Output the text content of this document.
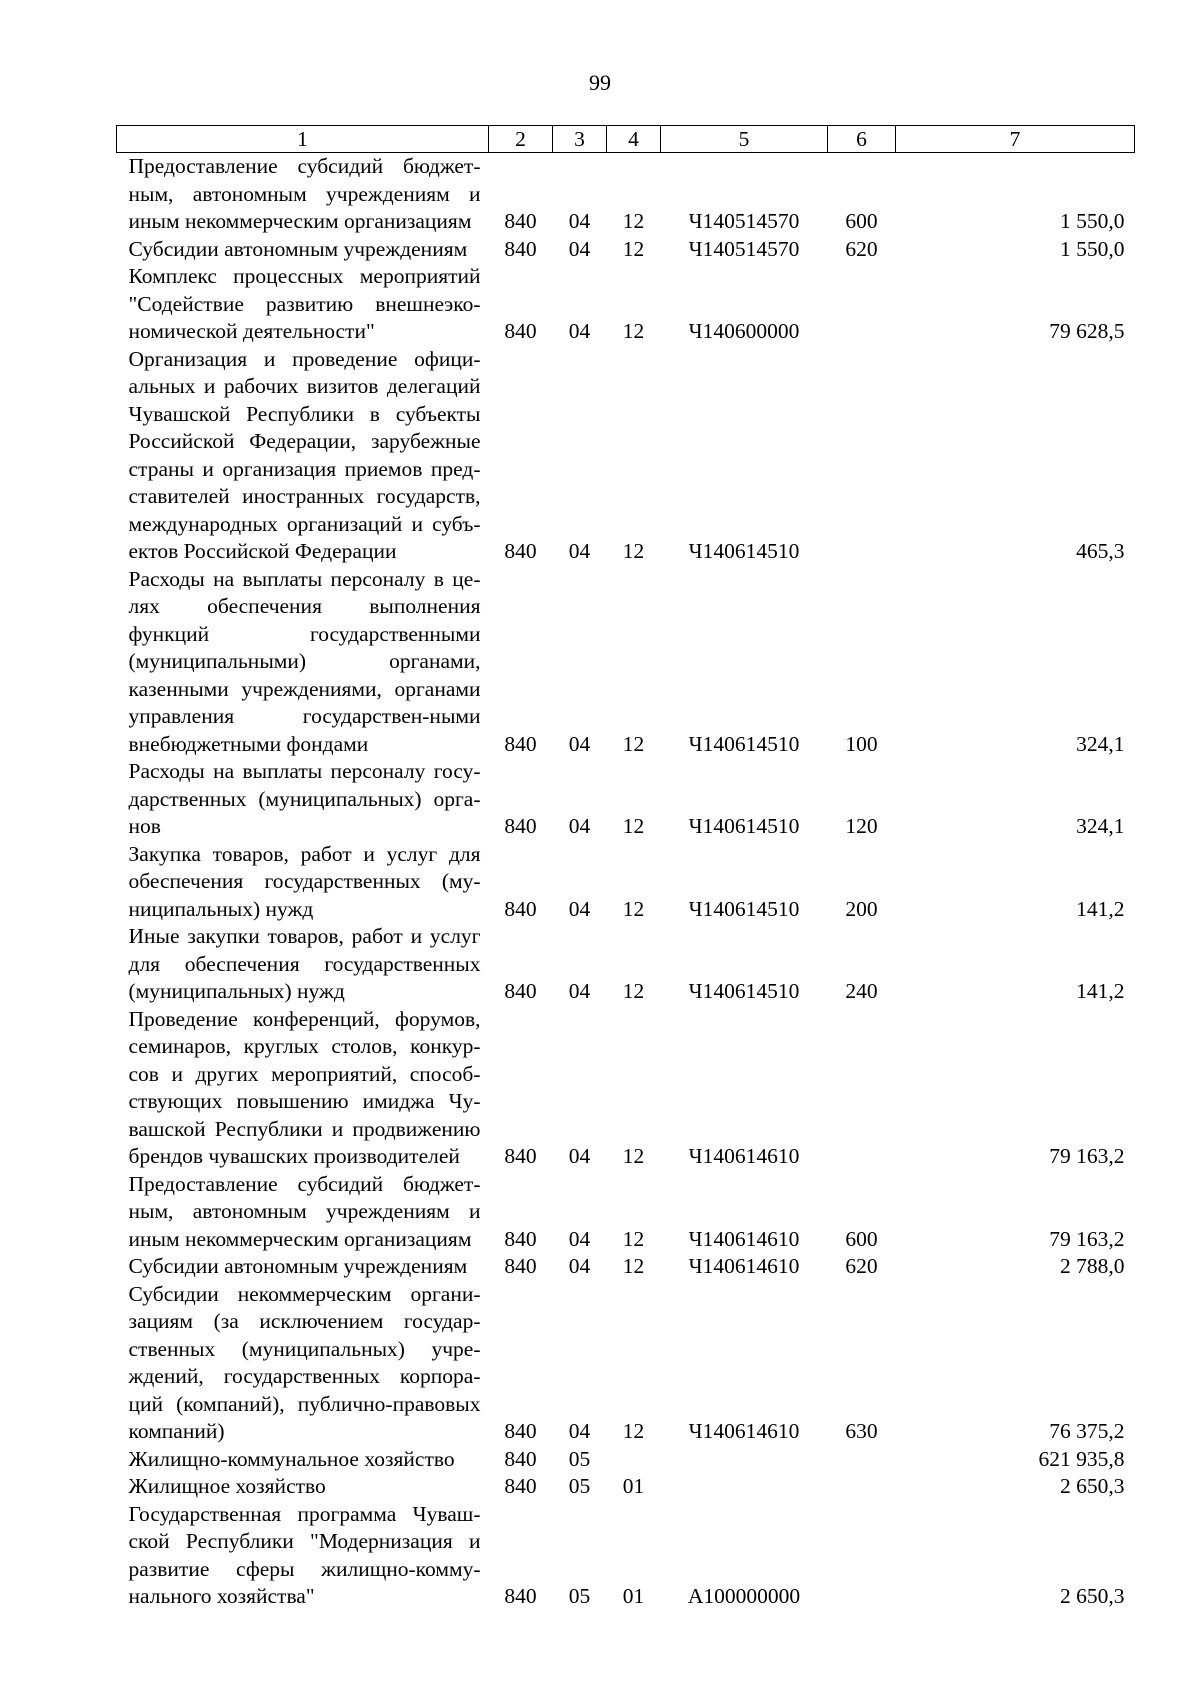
99
1	2	3	4	5	6	7
Предоставление субсидий бюджет-ным, автономным учреждениям и иным некоммерческим организациям	840	04	12	Ч140514570	600	1 550,0
Субсидии автономным учреждениям	840	04	12	Ч140514570	620	1 550,0
Комплекс процессных мероприятий "Содействие развитию внешнеэко-номической деятельности"	840	04	12	Ч140600000		79 628,5
Организация и проведение офици-альных и рабочих визитов делегаций Чувашской Республики в субъекты Российской Федерации, зарубежные страны и организация приемов пред-ставителей иностранных государств, международных организаций и субъ-ектов Российской Федерации	840	04	12	Ч140614510		465,3
Расходы на выплаты персоналу в це-лях обеспечения выполнения функций государственными (муниципальными) органами, казенными учреждениями, органами управления государствен-ными внебюджетными фондами	840	04	12	Ч140614510	100	324,1
Расходы на выплаты персоналу госу-дарственных (муниципальных) орга-нов	840	04	12	Ч140614510	120	324,1
Закупка товаров, работ и услуг для обеспечения государственных (му-ниципальных) нужд	840	04	12	Ч140614510	200	141,2
Иные закупки товаров, работ и услуг для обеспечения государственных (муниципальных) нужд	840	04	12	Ч140614510	240	141,2
Проведение конференций, форумов, семинаров, круглых столов, конкур-сов и других мероприятий, способ-ствующих повышению имиджа Чу-вашской Республики и продвижению брендов чувашских производителей	840	04	12	Ч140614610		79 163,2
Предоставление субсидий бюджет-ным, автономным учреждениям и иным некоммерческим организациям	840	04	12	Ч140614610	600	79 163,2
Субсидии автономным учреждениям	840	04	12	Ч140614610	620	2 788,0
Субсидии некоммерческим органи-зациям (за исключением государ-ственных (муниципальных) учре-ждений, государственных корпора-ций (компаний), публично-правовых компаний)	840	04	12	Ч140614610	630	76 375,2
Жилищно-коммунальное хозяйство	840	05				621 935,8
Жилищное хозяйство	840	05	01			2 650,3
Государственная программа Чуваш-ской Республики "Модернизация и развитие сферы жилищно-комму-нального хозяйства"	840	05	01	А100000000		2 650,3
